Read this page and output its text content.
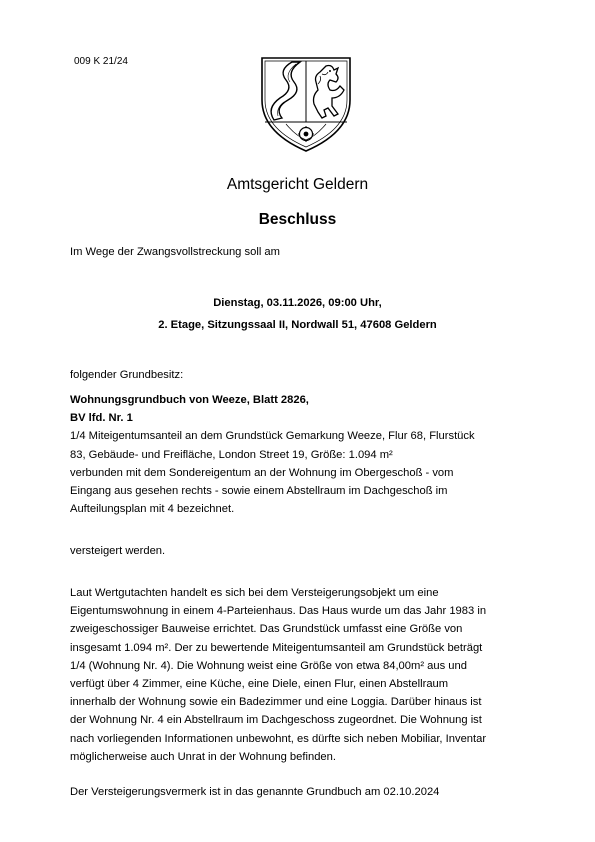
009 K 21/24
Amtsgericht Geldern
Beschluss
Im Wege der Zwangsvollstreckung soll am
Dienstag, 03.11.2026, 09:00 Uhr,
2. Etage, Sitzungssaal II, Nordwall 51, 47608 Geldern
folgender Grundbesitz:
Wohnungsgrundbuch von Weeze, Blatt 2826,
BV lfd. Nr. 1
1/4 Miteigentumsanteil an dem Grundstück Gemarkung Weeze, Flur 68, Flurstück
83, Gebäude- und Freifläche, London Street 19, Größe: 1.094 m²
verbunden mit dem Sondereigentum an der Wohnung im Obergeschoß - vom
Eingang aus gesehen rechts - sowie einem Abstellraum im Dachgeschoß im
Aufteilungsplan mit 4 bezeichnet.
versteigert werden.
Laut Wertgutachten handelt es sich bei dem Versteigerungsobjekt um eine
Eigentumswohnung in einem 4-Parteienhaus. Das Haus wurde um das Jahr 1983 in
zweigeschossiger Bauweise errichtet. Das Grundstück umfasst eine Größe von
insgesamt 1.094 m². Der zu bewertende Miteigentumsanteil am Grundstück beträgt
1/4 (Wohnung Nr. 4). Die Wohnung weist eine Größe von etwa 84,00m² aus und
verfügt über 4 Zimmer, eine Küche, eine Diele, einen Flur, einen Abstellraum
innerhalb der Wohnung sowie ein Badezimmer und eine Loggia. Darüber hinaus ist
der Wohnung Nr. 4 ein Abstellraum im Dachgeschoss zugeordnet. Die Wohnung ist
nach vorliegenden Informationen unbewohnt, es dürfte sich neben Mobiliar, Inventar
möglicherweise auch Unrat in der Wohnung befinden.
Der Versteigerungsvermerk ist in das genannte Grundbuch am 02.10.2024
